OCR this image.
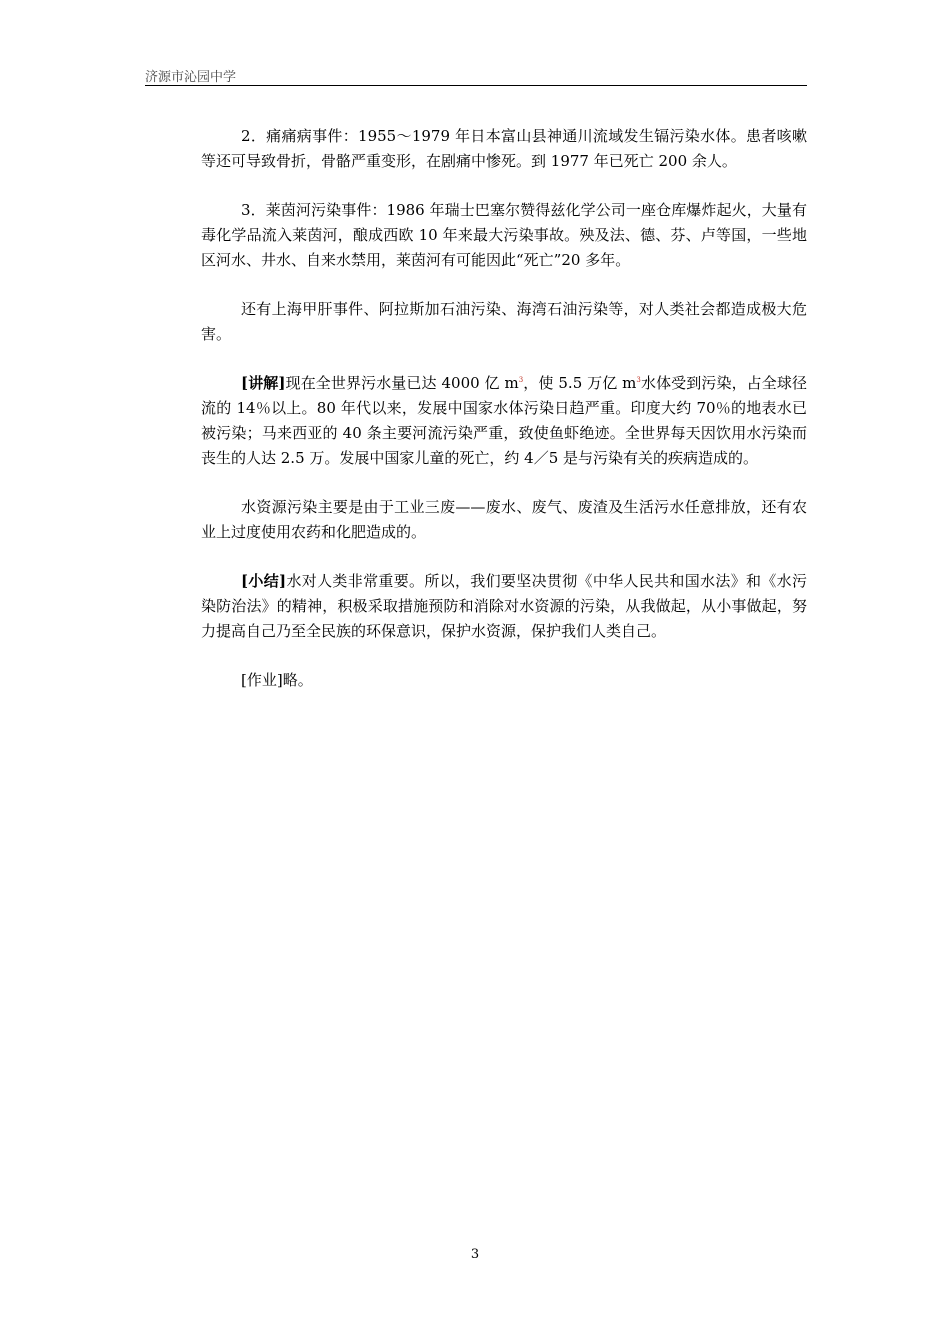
济源市沁园中学

2．痛痛病事件：1955～1979 年日本富山县神通川流域发生镉污染水体。患者咳嗽等还可导致骨折，骨骼严重变形，在剧痛中惨死。到 1977 年已死亡 200 余人。

3．莱茵河污染事件：1986 年瑞士巴塞尔赞得兹化学公司一座仓库爆炸起火，大量有毒化学品流入莱茵河，酿成西欧 10 年来最大污染事故。殃及法、德、芬、卢等国，一些地区河水、井水、自来水禁用，莱茵河有可能因此“死亡”20 多年。

还有上海甲肝事件、阿拉斯加石油污染、海湾石油污染等，对人类社会都造成极大危害。

[讲解]现在全世界污水量已达 4000 亿 $m^3$，使 5.5 万亿 $m^3$水体受到污染，占全球径流的 14％以上。80 年代以来，发展中国家水体污染日趋严重。印度大约 70％的地表水已被污染；马来西亚的 40 条主要河流污染严重，致使鱼虾绝迹。全世界每天因饮用水污染而丧生的人达 2.5 万。发展中国家儿童的死亡，约 4／5 是与污染有关的疾病造成的。

水资源污染主要是由于工业三废——废水、废气、废渣及生活污水任意排放，还有农业上过度使用农药和化肥造成的。

[小结]水对人类非常重要。所以，我们要坚决贯彻《中华人民共和国水法》和《水污染防治法》的精神，积极采取措施预防和消除对水资源的污染，从我做起，从小事做起，努力提高自己乃至全民族的环保意识，保护水资源，保护我们人类自己。

[作业]略。

3
